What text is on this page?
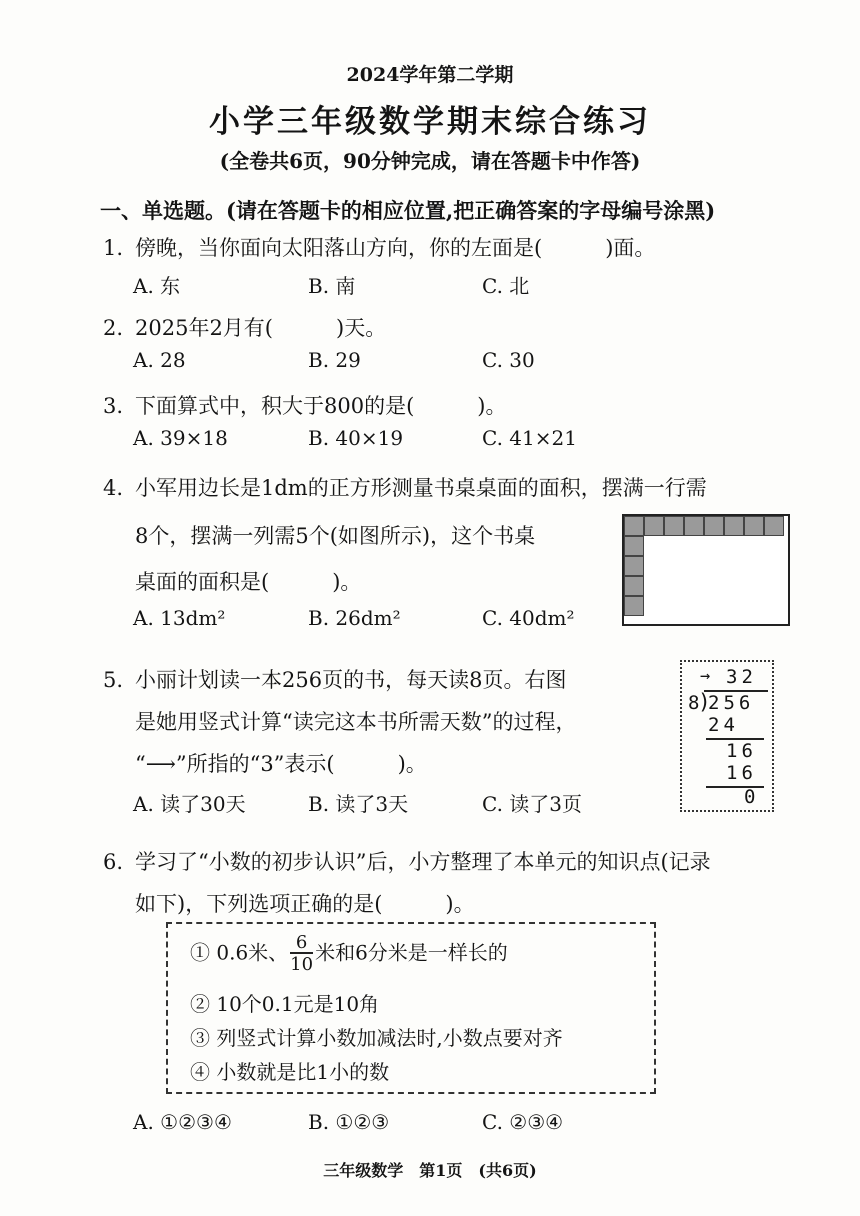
2024学年第二学期
小学三年级数学期末综合练习
(全卷共6页，90分钟完成，请在答题卡中作答)
一、单选题。(请在答题卡的相应位置,把正确答案的字母编号涂黑)
1. 傍晚，当你面向太阳落山方向，你的左面是(　　　)面。
A. 东	B. 南	C. 北
2. 2025年2月有(　　　)天。
A. 28	B. 29	C. 30
3. 下面算式中，积大于800的是(　　　)。
A. 39×18	B. 40×19	C. 41×21
4. 小军用边长是1dm的正方形测量书桌桌面的面积，摆满一行需
8个，摆满一列需5个(如图所示)，这个书桌
桌面的面积是(　　　)。
A. 13dm²	B. 26dm²	C. 40dm²
5. 小丽计划读一本256页的书，每天读8页。右图
是她用竖式计算“读完这本书所需天数”的过程，
“⟶”所指的“3”表示(　　　)。
A. 读了30天	B. 读了3天	C. 读了3页
→ 32
8
)
256
24
16
16
0
6. 学习了“小数的初步认识”后，小方整理了本单元的知识点(记录
如下)，下列选项正确的是(　　　)。
① 0.6米、 $\frac{6}{10}$ 米和6分米是一样长的
② 10个0.1元是10角
③ 列竖式计算小数加减法时,小数点要对齐
④ 小数就是比1小的数
A. ①②③④	B. ①②③	C. ②③④
三年级数学　第1页　(共6页)
